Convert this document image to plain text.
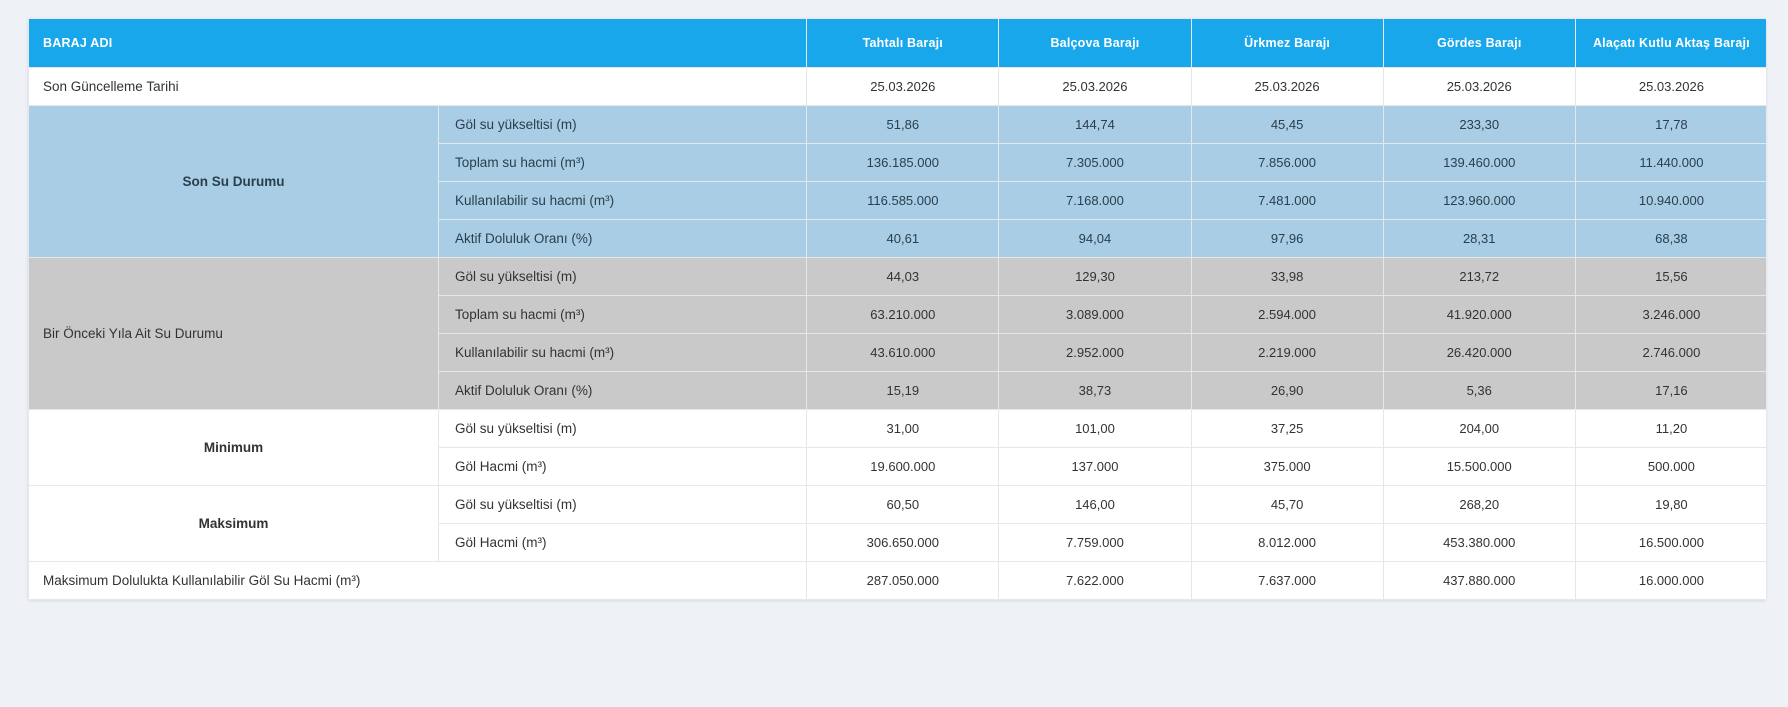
BARAJ ADI		Tahtalı Barajı	Balçova Barajı	Ürkmez Barajı	Gördes Barajı	Alaçatı Kutlu Aktaş Barajı
Son Güncelleme Tarihi		25.03.2026	25.03.2026	25.03.2026	25.03.2026	25.03.2026
Son Su Durumu	Göl su yükseltisi (m)	51,86	144,74	45,45	233,30	17,78
	Toplam su hacmi (m³)	136.185.000	7.305.000	7.856.000	139.460.000	11.440.000
	Kullanılabilir su hacmi (m³)	116.585.000	7.168.000	7.481.000	123.960.000	10.940.000
	Aktif Doluluk Oranı (%)	40,61	94,04	97,96	28,31	68,38
Bir Önceki Yıla Ait Su Durumu	Göl su yükseltisi (m)	44,03	129,30	33,98	213,72	15,56
	Toplam su hacmi (m³)	63.210.000	3.089.000	2.594.000	41.920.000	3.246.000
	Kullanılabilir su hacmi (m³)	43.610.000	2.952.000	2.219.000	26.420.000	2.746.000
	Aktif Doluluk Oranı (%)	15,19	38,73	26,90	5,36	17,16
Minimum	Göl su yükseltisi (m)	31,00	101,00	37,25	204,00	11,20
	Göl Hacmi (m³)	19.600.000	137.000	375.000	15.500.000	500.000
Maksimum	Göl su yükseltisi (m)	60,50	146,00	45,70	268,20	19,80
	Göl Hacmi (m³)	306.650.000	7.759.000	8.012.000	453.380.000	16.500.000
Maksimum Dolulukta Kullanılabilir Göl Su Hacmi (m³)		287.050.000	7.622.000	7.637.000	437.880.000	16.000.000
